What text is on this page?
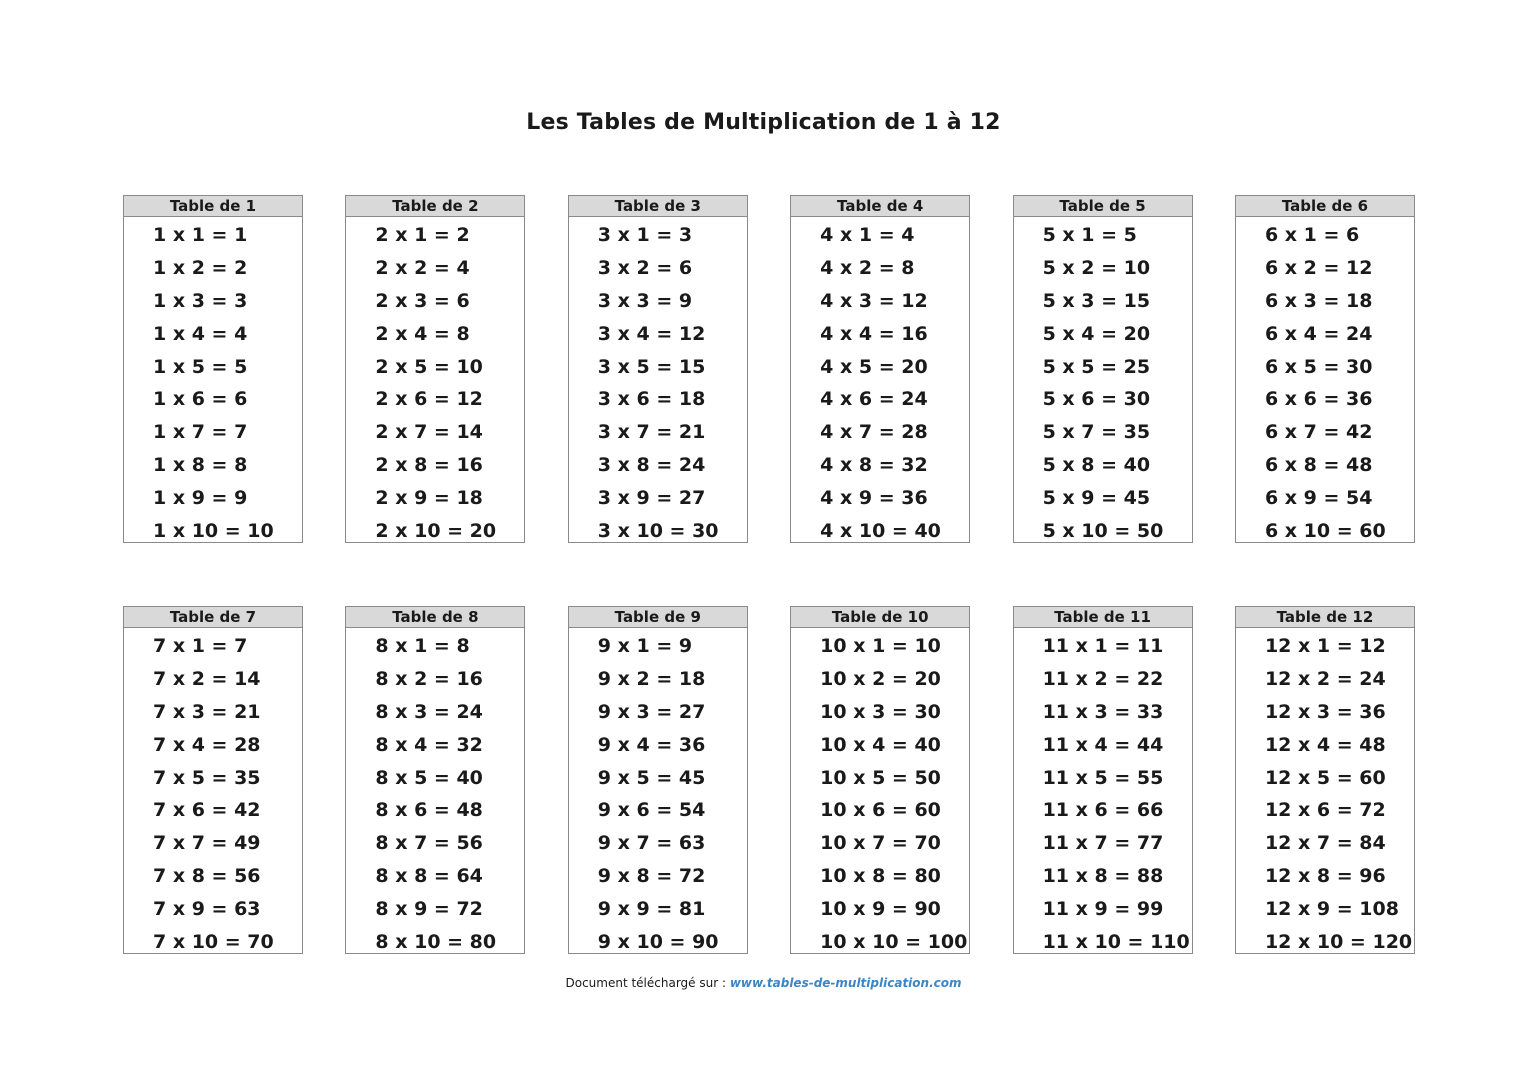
Les Tables de Multiplication de 1 à 12
Table de 1
1 x 1 = 1
1 x 2 = 2
1 x 3 = 3
1 x 4 = 4
1 x 5 = 5
1 x 6 = 6
1 x 7 = 7
1 x 8 = 8
1 x 9 = 9
1 x 10 = 10
Table de 2
2 x 1 = 2
2 x 2 = 4
2 x 3 = 6
2 x 4 = 8
2 x 5 = 10
2 x 6 = 12
2 x 7 = 14
2 x 8 = 16
2 x 9 = 18
2 x 10 = 20
Table de 3
3 x 1 = 3
3 x 2 = 6
3 x 3 = 9
3 x 4 = 12
3 x 5 = 15
3 x 6 = 18
3 x 7 = 21
3 x 8 = 24
3 x 9 = 27
3 x 10 = 30
Table de 4
4 x 1 = 4
4 x 2 = 8
4 x 3 = 12
4 x 4 = 16
4 x 5 = 20
4 x 6 = 24
4 x 7 = 28
4 x 8 = 32
4 x 9 = 36
4 x 10 = 40
Table de 5
5 x 1 = 5
5 x 2 = 10
5 x 3 = 15
5 x 4 = 20
5 x 5 = 25
5 x 6 = 30
5 x 7 = 35
5 x 8 = 40
5 x 9 = 45
5 x 10 = 50
Table de 6
6 x 1 = 6
6 x 2 = 12
6 x 3 = 18
6 x 4 = 24
6 x 5 = 30
6 x 6 = 36
6 x 7 = 42
6 x 8 = 48
6 x 9 = 54
6 x 10 = 60
Table de 7
7 x 1 = 7
7 x 2 = 14
7 x 3 = 21
7 x 4 = 28
7 x 5 = 35
7 x 6 = 42
7 x 7 = 49
7 x 8 = 56
7 x 9 = 63
7 x 10 = 70
Table de 8
8 x 1 = 8
8 x 2 = 16
8 x 3 = 24
8 x 4 = 32
8 x 5 = 40
8 x 6 = 48
8 x 7 = 56
8 x 8 = 64
8 x 9 = 72
8 x 10 = 80
Table de 9
9 x 1 = 9
9 x 2 = 18
9 x 3 = 27
9 x 4 = 36
9 x 5 = 45
9 x 6 = 54
9 x 7 = 63
9 x 8 = 72
9 x 9 = 81
9 x 10 = 90
Table de 10
10 x 1 = 10
10 x 2 = 20
10 x 3 = 30
10 x 4 = 40
10 x 5 = 50
10 x 6 = 60
10 x 7 = 70
10 x 8 = 80
10 x 9 = 90
10 x 10 = 100
Table de 11
11 x 1 = 11
11 x 2 = 22
11 x 3 = 33
11 x 4 = 44
11 x 5 = 55
11 x 6 = 66
11 x 7 = 77
11 x 8 = 88
11 x 9 = 99
11 x 10 = 110
Table de 12
12 x 1 = 12
12 x 2 = 24
12 x 3 = 36
12 x 4 = 48
12 x 5 = 60
12 x 6 = 72
12 x 7 = 84
12 x 8 = 96
12 x 9 = 108
12 x 10 = 120
Document téléchargé sur : www.tables-de-multiplication.com
